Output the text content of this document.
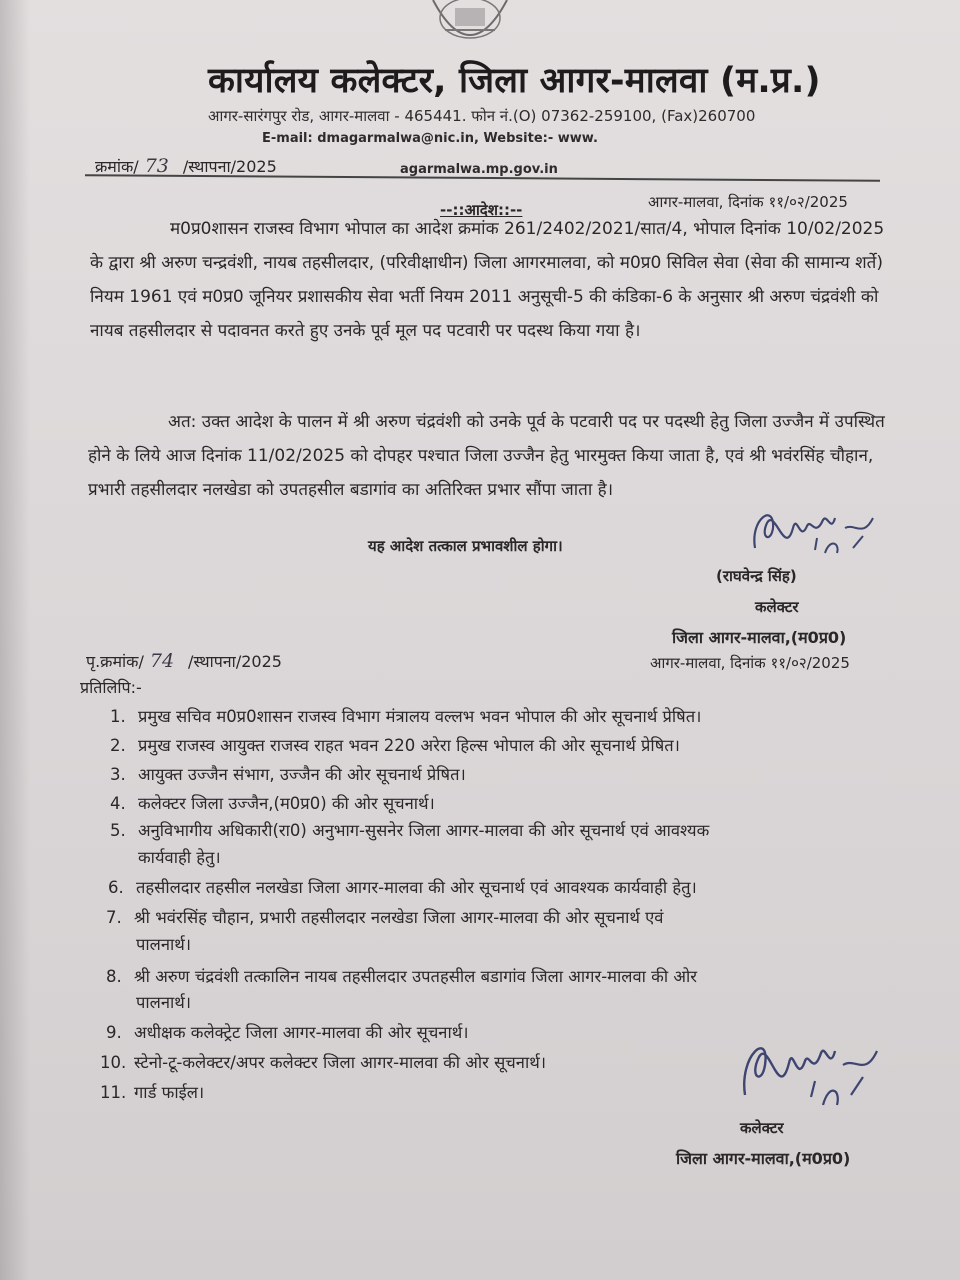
कार्यालय कलेक्टर, जिला आगर-मालवा (म.प्र.)
आगर-सारंगपुर रोड, आगर-मालवा - 465441. फोन नं.(O) 07362-259100, (Fax)260700
E-mail: dmagarmalwa@nic.in, Website:- www.
agarmalwa.mp.gov.in
क्रमांक/ 73 /स्थापना/2025
आगर-मालवा, दिनांक ११/०२/2025
--::आदेश::--
म0प्र0शासन राजस्व विभाग भोपाल का आदेश क्रमांक 261/2402/2021/सात/4, भोपाल दिनांक 10/02/2025 के द्वारा श्री अरुण चन्द्रवंशी, नायब तहसीलदार, (परिवीक्षाधीन) जिला आगरमालवा, को म0प्र0 सिविल सेवा (सेवा की सामान्य शर्ते) नियम 1961 एवं म0प्र0 जूनियर प्रशासकीय सेवा भर्ती नियम 2011 अनुसूची-5 की कंडिका-6 के अनुसार श्री अरुण चंद्रवंशी को नायब तहसीलदार से पदावनत करते हुए उनके पूर्व मूल पद पटवारी पर पदस्थ किया गया है।
अत: उक्त आदेश के पालन में श्री अरुण चंद्रवंशी को उनके पूर्व के पटवारी पद पर पदस्थी हेतु जिला उज्जैन में उपस्थित होने के लिये आज दिनांक 11/02/2025 को दोपहर पश्चात जिला उज्जैन हेतु भारमुक्त किया जाता है, एवं श्री भवंरसिंह चौहान, प्रभारी तहसीलदार नलखेडा को उपतहसील बडागांव का अतिरिक्त प्रभार सौंपा जाता है।
यह आदेश तत्काल प्रभावशील होगा।
(राघवेन्द्र सिंह)
कलेक्टर
जिला आगर-मालवा,(म0प्र0)
पृ.क्रमांक/ 74 /स्थापना/2025	आगर-मालवा, दिनांक ११/०२/2025
प्रतिलिपि:-
1. प्रमुख सचिव म0प्र0शासन राजस्व विभाग मंत्रालय वल्लभ भवन भोपाल की ओर सूचनार्थ प्रेषित।
2. प्रमुख राजस्व आयुक्त राजस्व राहत भवन 220 अरेरा हिल्स भोपाल की ओर सूचनार्थ प्रेषित।
3. आयुक्त उज्जैन संभाग, उज्जैन की ओर सूचनार्थ प्रेषित।
4. कलेक्टर जिला उज्जैन,(म0प्र0) की ओर सूचनार्थ।
5. अनुविभागीय अधिकारी(रा0) अनुभाग-सुसनेर जिला आगर-मालवा की ओर सूचनार्थ एवं आवश्यक
कार्यवाही हेतु।
6. तहसीलदार तहसील नलखेडा जिला आगर-मालवा की ओर सूचनार्थ एवं आवश्यक कार्यवाही हेतु।
7. श्री भवंरसिंह चौहान, प्रभारी तहसीलदार नलखेडा जिला आगर-मालवा की ओर सूचनार्थ एवं
पालनार्थ।
8. श्री अरुण चंद्रवंशी तत्कालिन नायब तहसीलदार उपतहसील बडागांव जिला आगर-मालवा की ओर
पालनार्थ।
9. अधीक्षक कलेक्ट्रेट जिला आगर-मालवा की ओर सूचनार्थ।
10. स्टेनो-टू-कलेक्टर/अपर कलेक्टर जिला आगर-मालवा की ओर सूचनार्थ।
11. गार्ड फाईल।
कलेक्टर
जिला आगर-मालवा,(म0प्र0)
